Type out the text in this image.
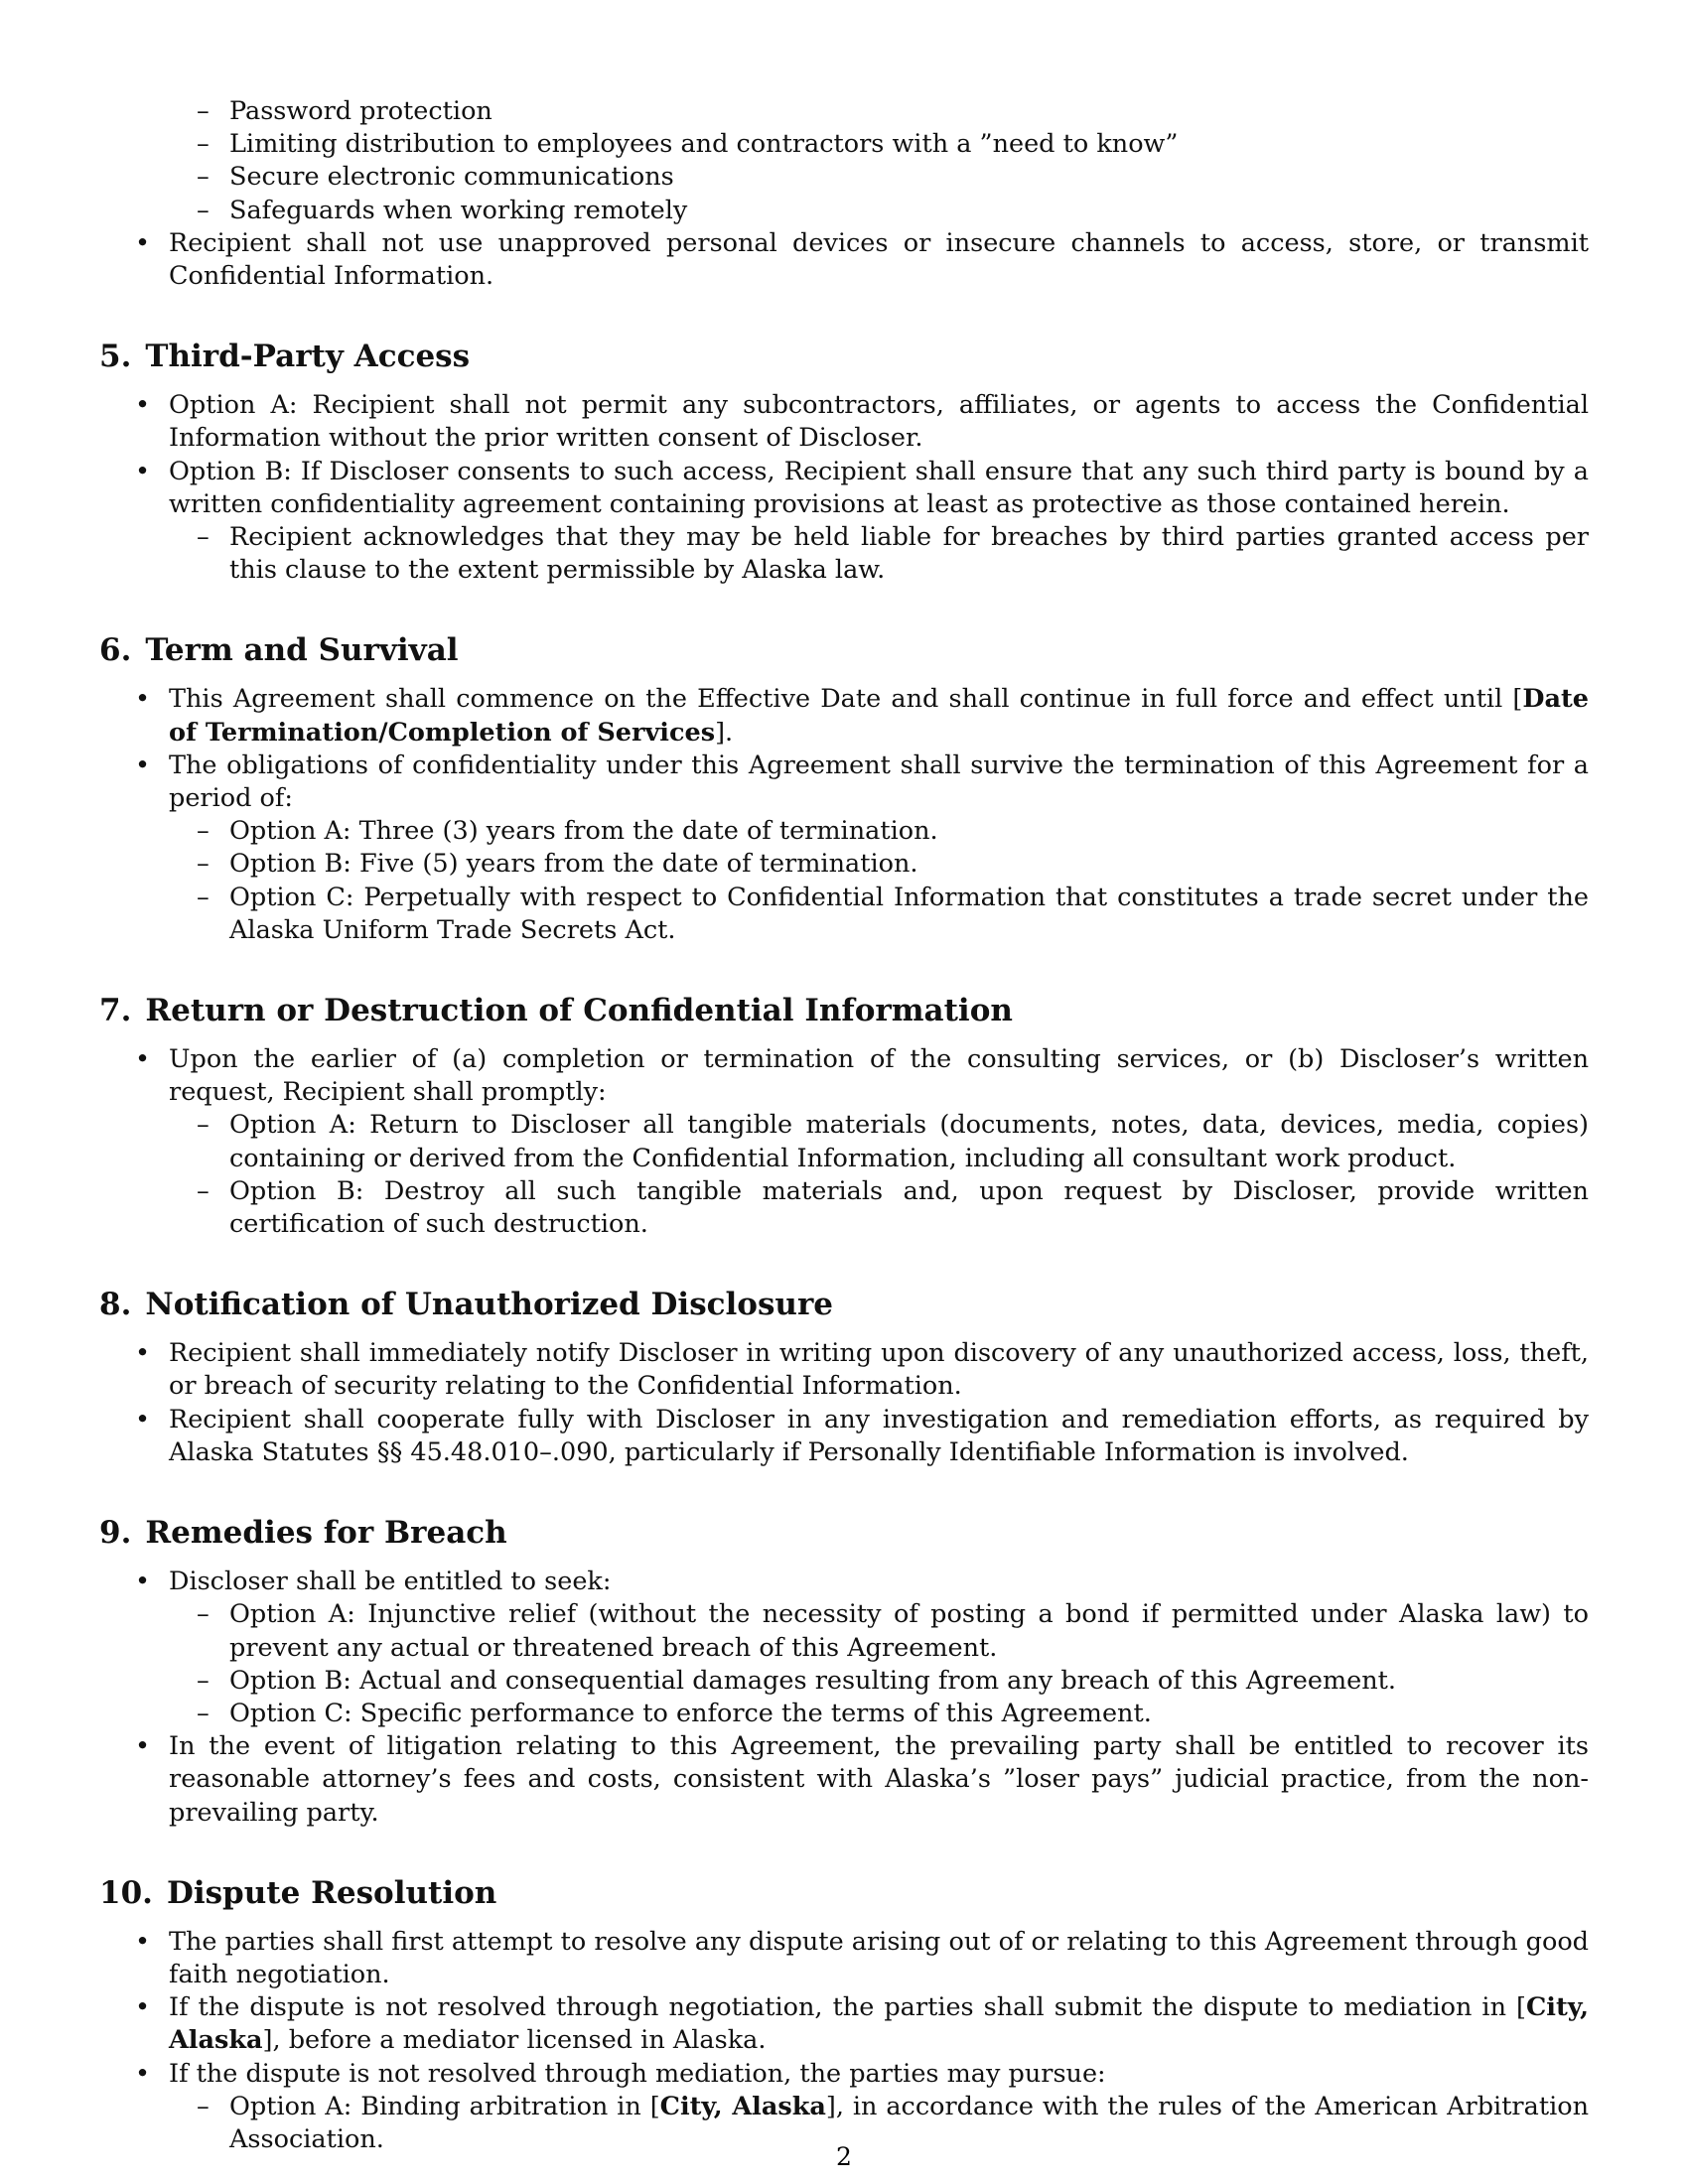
– Password protection
– Limiting distribution to employees and contractors with a ”need to know”
– Secure electronic communications
– Safeguards when working remotely
• Recipient shall not use unapproved personal devices or insecure channels to access, store, or transmit Confidential Information.
5. Third-Party Access
• Option A: Recipient shall not permit any subcontractors, affiliates, or agents to access the Confidential Information without the prior written consent of Discloser.
• Option B: If Discloser consents to such access, Recipient shall ensure that any such third party is bound by a written confidentiality agreement containing provisions at least as protective as those contained herein.
– Recipient acknowledges that they may be held liable for breaches by third parties granted access per this clause to the extent permissible by Alaska law.
6. Term and Survival
• This Agreement shall commence on the Effective Date and shall continue in full force and effect until [Date of Termination/Completion of Services].
• The obligations of confidentiality under this Agreement shall survive the termination of this Agreement for a period of:
– Option A: Three (3) years from the date of termination.
– Option B: Five (5) years from the date of termination.
– Option C: Perpetually with respect to Confidential Information that constitutes a trade secret under the Alaska Uniform Trade Secrets Act.
7. Return or Destruction of Confidential Information
• Upon the earlier of (a) completion or termination of the consulting services, or (b) Discloser’s written request, Recipient shall promptly:
– Option A: Return to Discloser all tangible materials (documents, notes, data, devices, media, copies) containing or derived from the Confidential Information, including all consultant work product.
– Option B: Destroy all such tangible materials and, upon request by Discloser, provide written certification of such destruction.
8. Notification of Unauthorized Disclosure
• Recipient shall immediately notify Discloser in writing upon discovery of any unauthorized access, loss, theft, or breach of security relating to the Confidential Information.
• Recipient shall cooperate fully with Discloser in any investigation and remediation efforts, as required by Alaska Statutes §§ 45.48.010–.090, particularly if Personally Identifiable Information is involved.
9. Remedies for Breach
• Discloser shall be entitled to seek:
– Option A: Injunctive relief (without the necessity of posting a bond if permitted under Alaska law) to prevent any actual or threatened breach of this Agreement.
– Option B: Actual and consequential damages resulting from any breach of this Agreement.
– Option C: Specific performance to enforce the terms of this Agreement.
• In the event of litigation relating to this Agreement, the prevailing party shall be entitled to recover its reasonable attorney’s fees and costs, consistent with Alaska’s ”loser pays” judicial practice, from the non-prevailing party.
10. Dispute Resolution
• The parties shall first attempt to resolve any dispute arising out of or relating to this Agreement through good faith negotiation.
• If the dispute is not resolved through negotiation, the parties shall submit the dispute to mediation in [City, Alaska], before a mediator licensed in Alaska.
• If the dispute is not resolved through mediation, the parties may pursue:
– Option A: Binding arbitration in [City, Alaska], in accordance with the rules of the American Arbitration Association.
2
